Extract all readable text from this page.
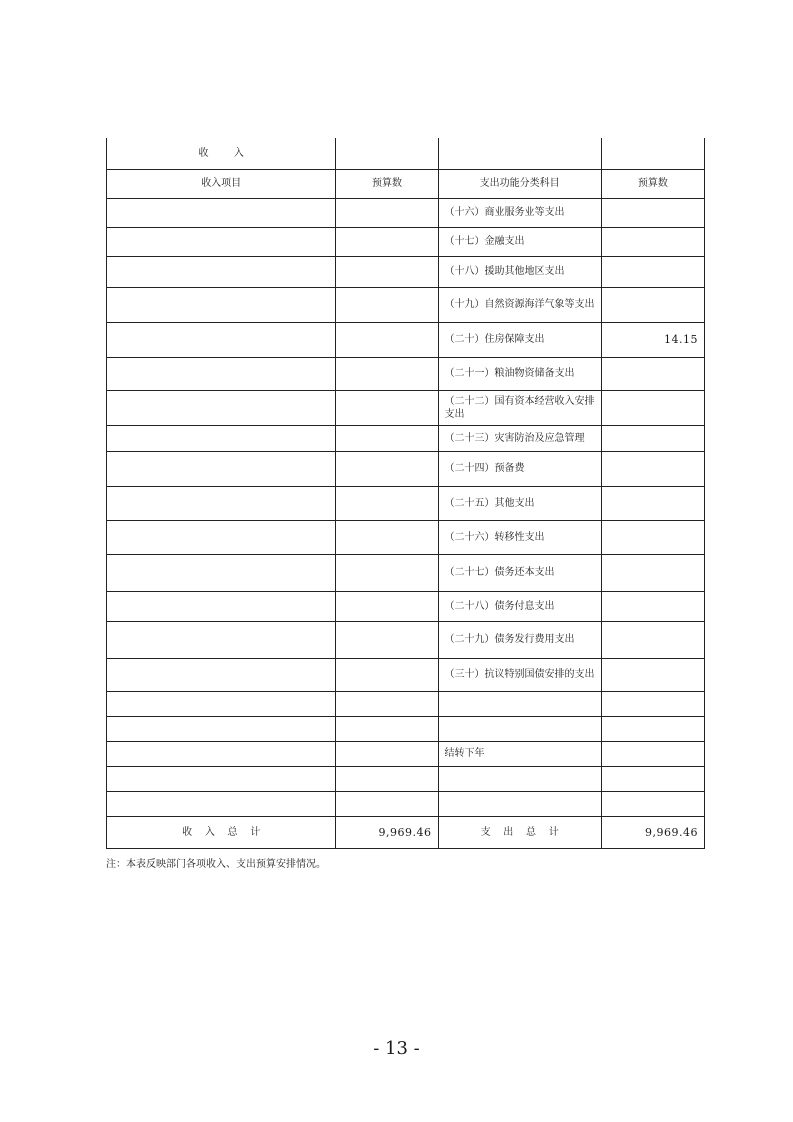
收        入			
收入项目	预算数	支出功能分类科目	预算数
		（十六）商业服务业等支出	
		（十七）金融支出	
		（十八）援助其他地区支出	
		（十九）自然资源海洋气象等支出	
		（二十）住房保障支出	14.15
		（二十一）粮油物资储备支出	
		（二十二）国有资本经营收入安排支出	
		（二十三）灾害防治及应急管理	
		（二十四）预备费	
		（二十五）其他支出	
		（二十六）转移性支出	
		（二十七）债务还本支出	
		（二十八）债务付息支出	
		（二十九）债务发行费用支出	
		（三十）抗议特别国债安排的支出	

		结转下年	

收    入    总    计	9,969.46	支    出    总    计	9,969.46
注：本表反映部门各项收入、支出预算安排情况。
- 13 -
